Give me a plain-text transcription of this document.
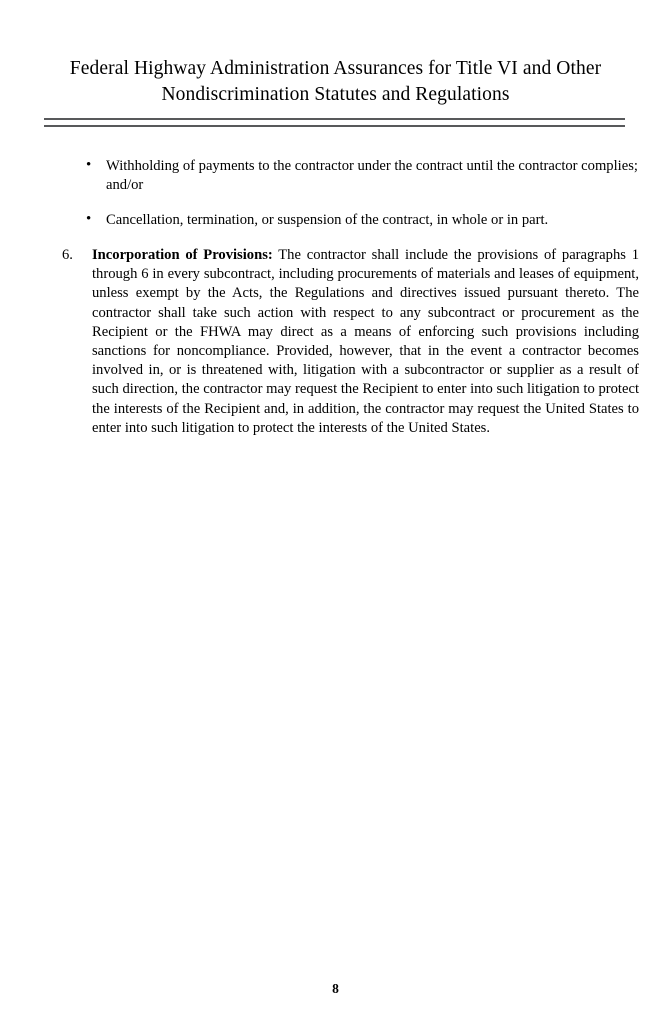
Federal Highway Administration Assurances for Title VI and Other
Nondiscrimination Statutes and Regulations
• Withholding of payments to the contractor under the contract until the contractor complies; and/or
• Cancellation, termination, or suspension of the contract, in whole or in part.
6. Incorporation of Provisions: The contractor shall include the provisions of paragraphs 1 through 6 in every subcontract, including procurements of materials and leases of equipment, unless exempt by the Acts, the Regulations and directives issued pursuant thereto. The contractor shall take such action with respect to any subcontract or procurement as the Recipient or the FHWA may direct as a means of enforcing such provisions including sanctions for noncompliance. Provided, however, that in the event a contractor becomes involved in, or is threatened with, litigation with a subcontractor or supplier as a result of such direction, the contractor may request the Recipient to enter into such litigation to protect the interests of the Recipient and, in addition, the contractor may request the United States to enter into such litigation to protect the interests of the United States.
8
